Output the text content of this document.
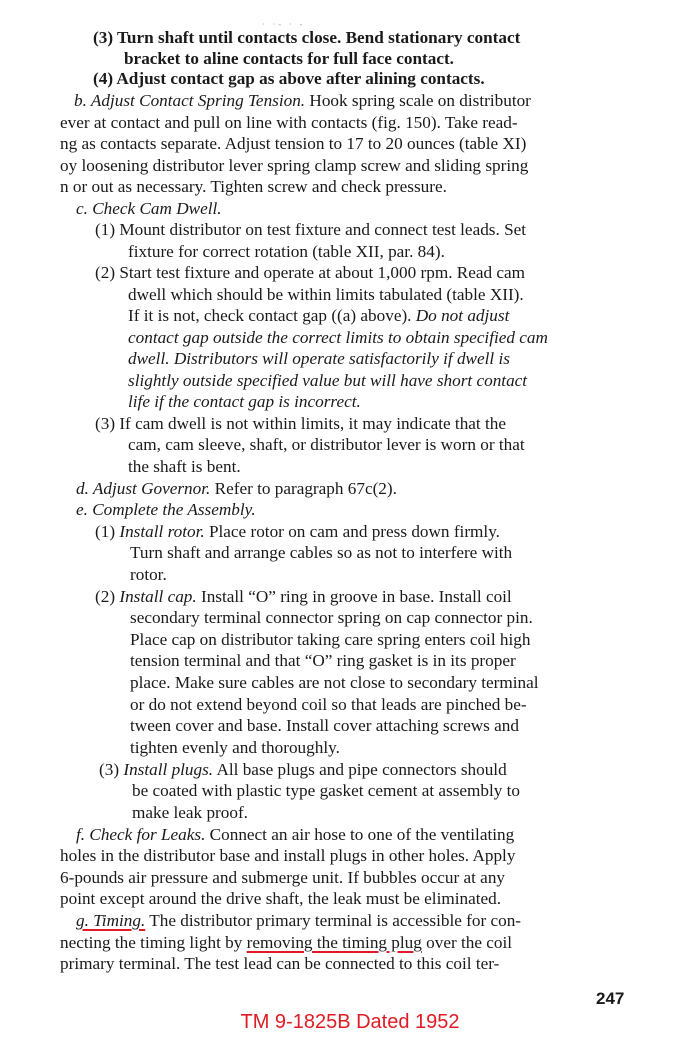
· ·- · -
(3) Turn shaft until contacts close. Bend stationary contact
bracket to aline contacts for full face contact.
(4) Adjust contact gap as above after alining contacts.
b. Adjust Contact Spring Tension. Hook spring scale on distributor
ever at contact and pull on line with contacts (fig. 150). Take read-
ng as contacts separate. Adjust tension to 17 to 20 ounces (table XI)
oy loosening distributor lever spring clamp screw and sliding spring
n or out as necessary. Tighten screw and check pressure.
c. Check Cam Dwell.
(1) Mount distributor on test fixture and connect test leads. Set
fixture for correct rotation (table XII, par. 84).
(2) Start test fixture and operate at about 1,000 rpm. Read cam
dwell which should be within limits tabulated (table XII).
If it is not, check contact gap ((a) above). Do not adjust
contact gap outside the correct limits to obtain specified cam
dwell. Distributors will operate satisfactorily if dwell is
slightly outside specified value but will have short contact
life if the contact gap is incorrect.
(3) If cam dwell is not within limits, it may indicate that the
cam, cam sleeve, shaft, or distributor lever is worn or that
the shaft is bent.
d. Adjust Governor. Refer to paragraph 67c(2).
e. Complete the Assembly.
(1) Install rotor. Place rotor on cam and press down firmly.
Turn shaft and arrange cables so as not to interfere with
rotor.
(2) Install cap. Install “O” ring in groove in base. Install coil
secondary terminal connector spring on cap connector pin.
Place cap on distributor taking care spring enters coil high
tension terminal and that “O” ring gasket is in its proper
place. Make sure cables are not close to secondary terminal
or do not extend beyond coil so that leads are pinched be-
tween cover and base. Install cover attaching screws and
tighten evenly and thoroughly.
(3) Install plugs. All base plugs and pipe connectors should
be coated with plastic type gasket cement at assembly to
make leak proof.
f. Check for Leaks. Connect an air hose to one of the ventilating
holes in the distributor base and install plugs in other holes. Apply
6-pounds air pressure and submerge unit. If bubbles occur at any
point except around the drive shaft, the leak must be eliminated.
g. Timing. The distributor primary terminal is accessible for con-
necting the timing light by removing the timing plug over the coil
primary terminal. The test lead can be connected to this coil ter-
247
TM 9-1825B Dated 1952
